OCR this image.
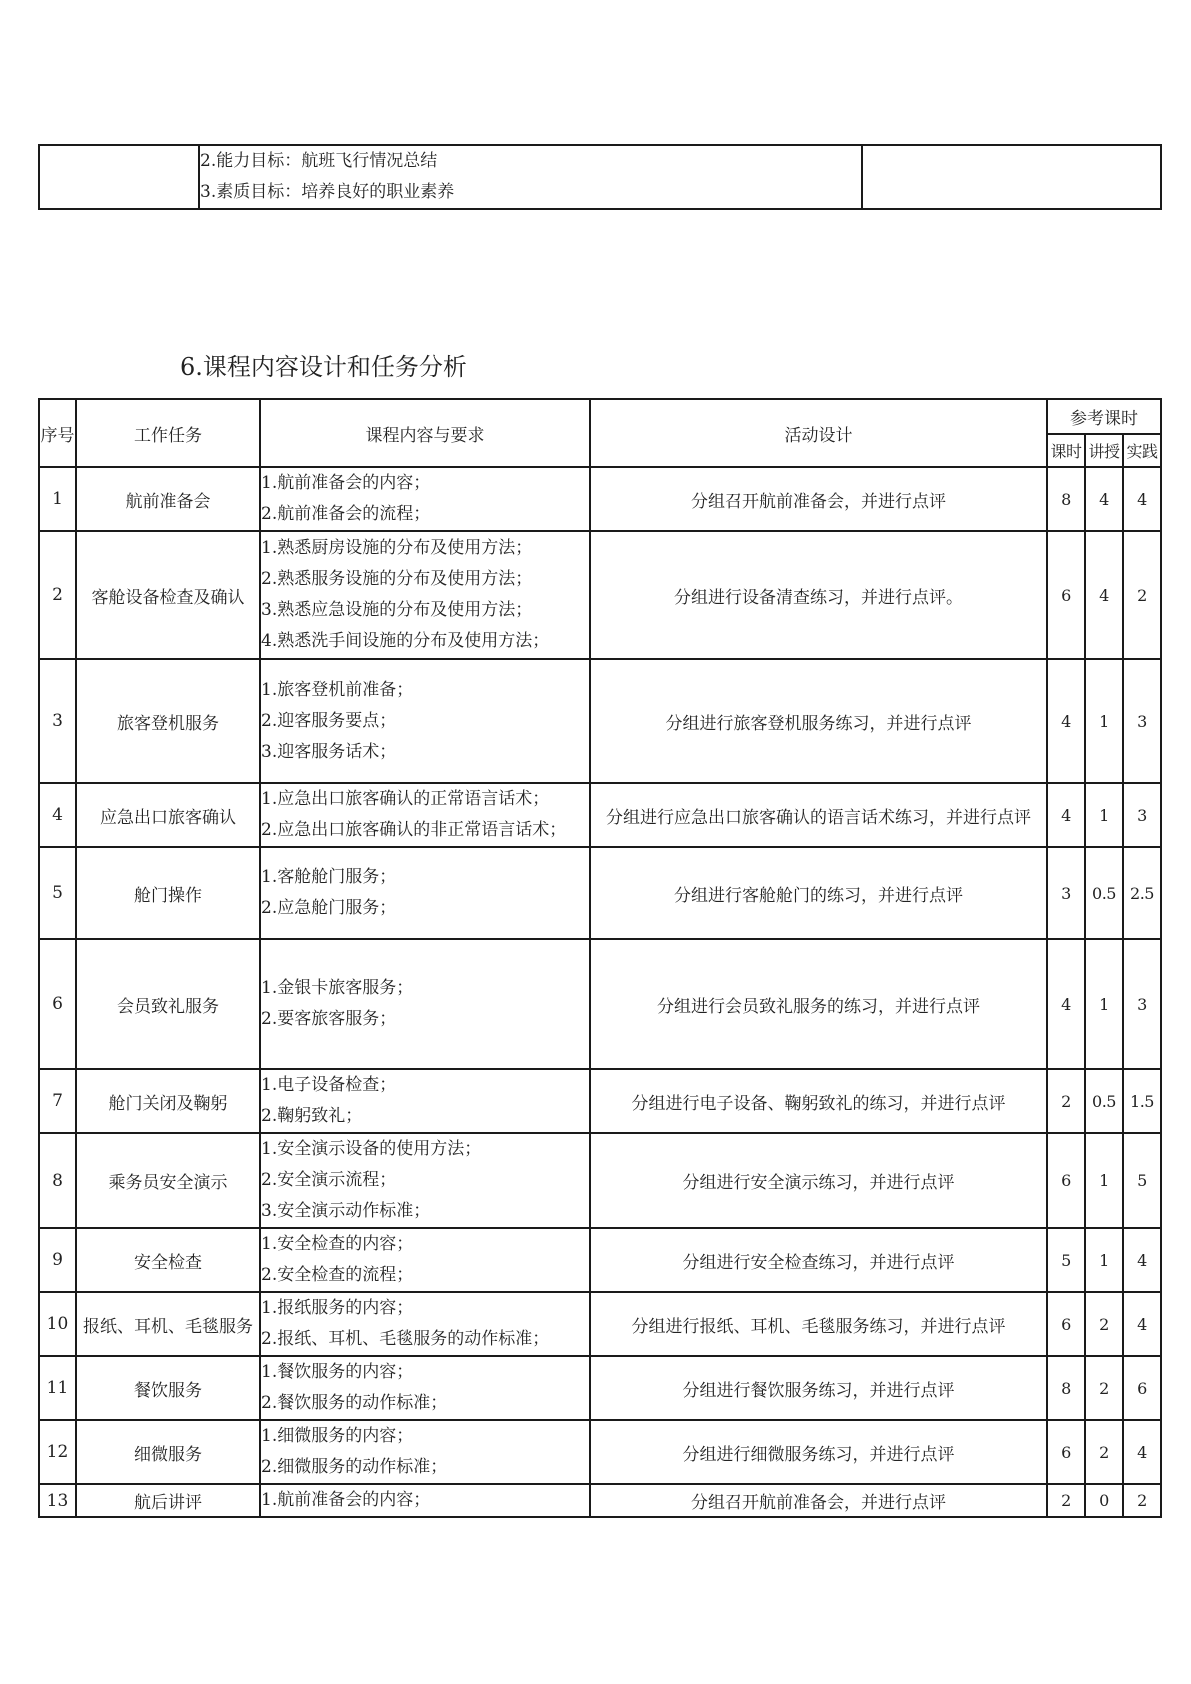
2.能力目标：航班飞行情况总结
3.素质目标：培养良好的职业素养

6.课程内容设计和任务分析
序号	工作任务	课程内容与要求	活动设计	参考课时		
				课时	讲授	实践
1	航前准备会	1.航前准备会的内容；
2.航前准备会的流程；	分组召开航前准备会，并进行点评	8	4	4
2	客舱设备检查及确认	1.熟悉厨房设施的分布及使用方法；
2.熟悉服务设施的分布及使用方法；
3.熟悉应急设施的分布及使用方法；
4.熟悉洗手间设施的分布及使用方法；	分组进行设备清查练习，并进行点评。	6	4	2
3	旅客登机服务	1.旅客登机前准备；
2.迎客服务要点；
3.迎客服务话术；	分组进行旅客登机服务练习，并进行点评	4	1	3
4	应急出口旅客确认	1.应急出口旅客确认的正常语言话术；
2.应急出口旅客确认的非正常语言话术；	分组进行应急出口旅客确认的语言话术练习，并进行点评	4	1	3
5	舱门操作	1.客舱舱门服务；
2.应急舱门服务；	分组进行客舱舱门的练习，并进行点评	3	0.5	2.5
6	会员致礼服务	1.金银卡旅客服务；
2.要客旅客服务；	分组进行会员致礼服务的练习，并进行点评	4	1	3
7	舱门关闭及鞠躬	1.电子设备检查；
2.鞠躬致礼；	分组进行电子设备、鞠躬致礼的练习，并进行点评	2	0.5	1.5
8	乘务员安全演示	1.安全演示设备的使用方法；
2.安全演示流程；
3.安全演示动作标准；	分组进行安全演示练习，并进行点评	6	1	5
9	安全检查	1.安全检查的内容；
2.安全检查的流程；	分组进行安全检查练习，并进行点评	5	1	4
10	报纸、耳机、毛毯服务	1.报纸服务的内容；
2.报纸、耳机、毛毯服务的动作标准；	分组进行报纸、耳机、毛毯服务练习，并进行点评	6	2	4
11	餐饮服务	1.餐饮服务的内容；
2.餐饮服务的动作标准；	分组进行餐饮服务练习，并进行点评	8	2	6
12	细微服务	1.细微服务的内容；
2.细微服务的动作标准；	分组进行细微服务练习，并进行点评	6	2	4
13	航后讲评	1.航前准备会的内容；	分组召开航前准备会，并进行点评	2	0	2
